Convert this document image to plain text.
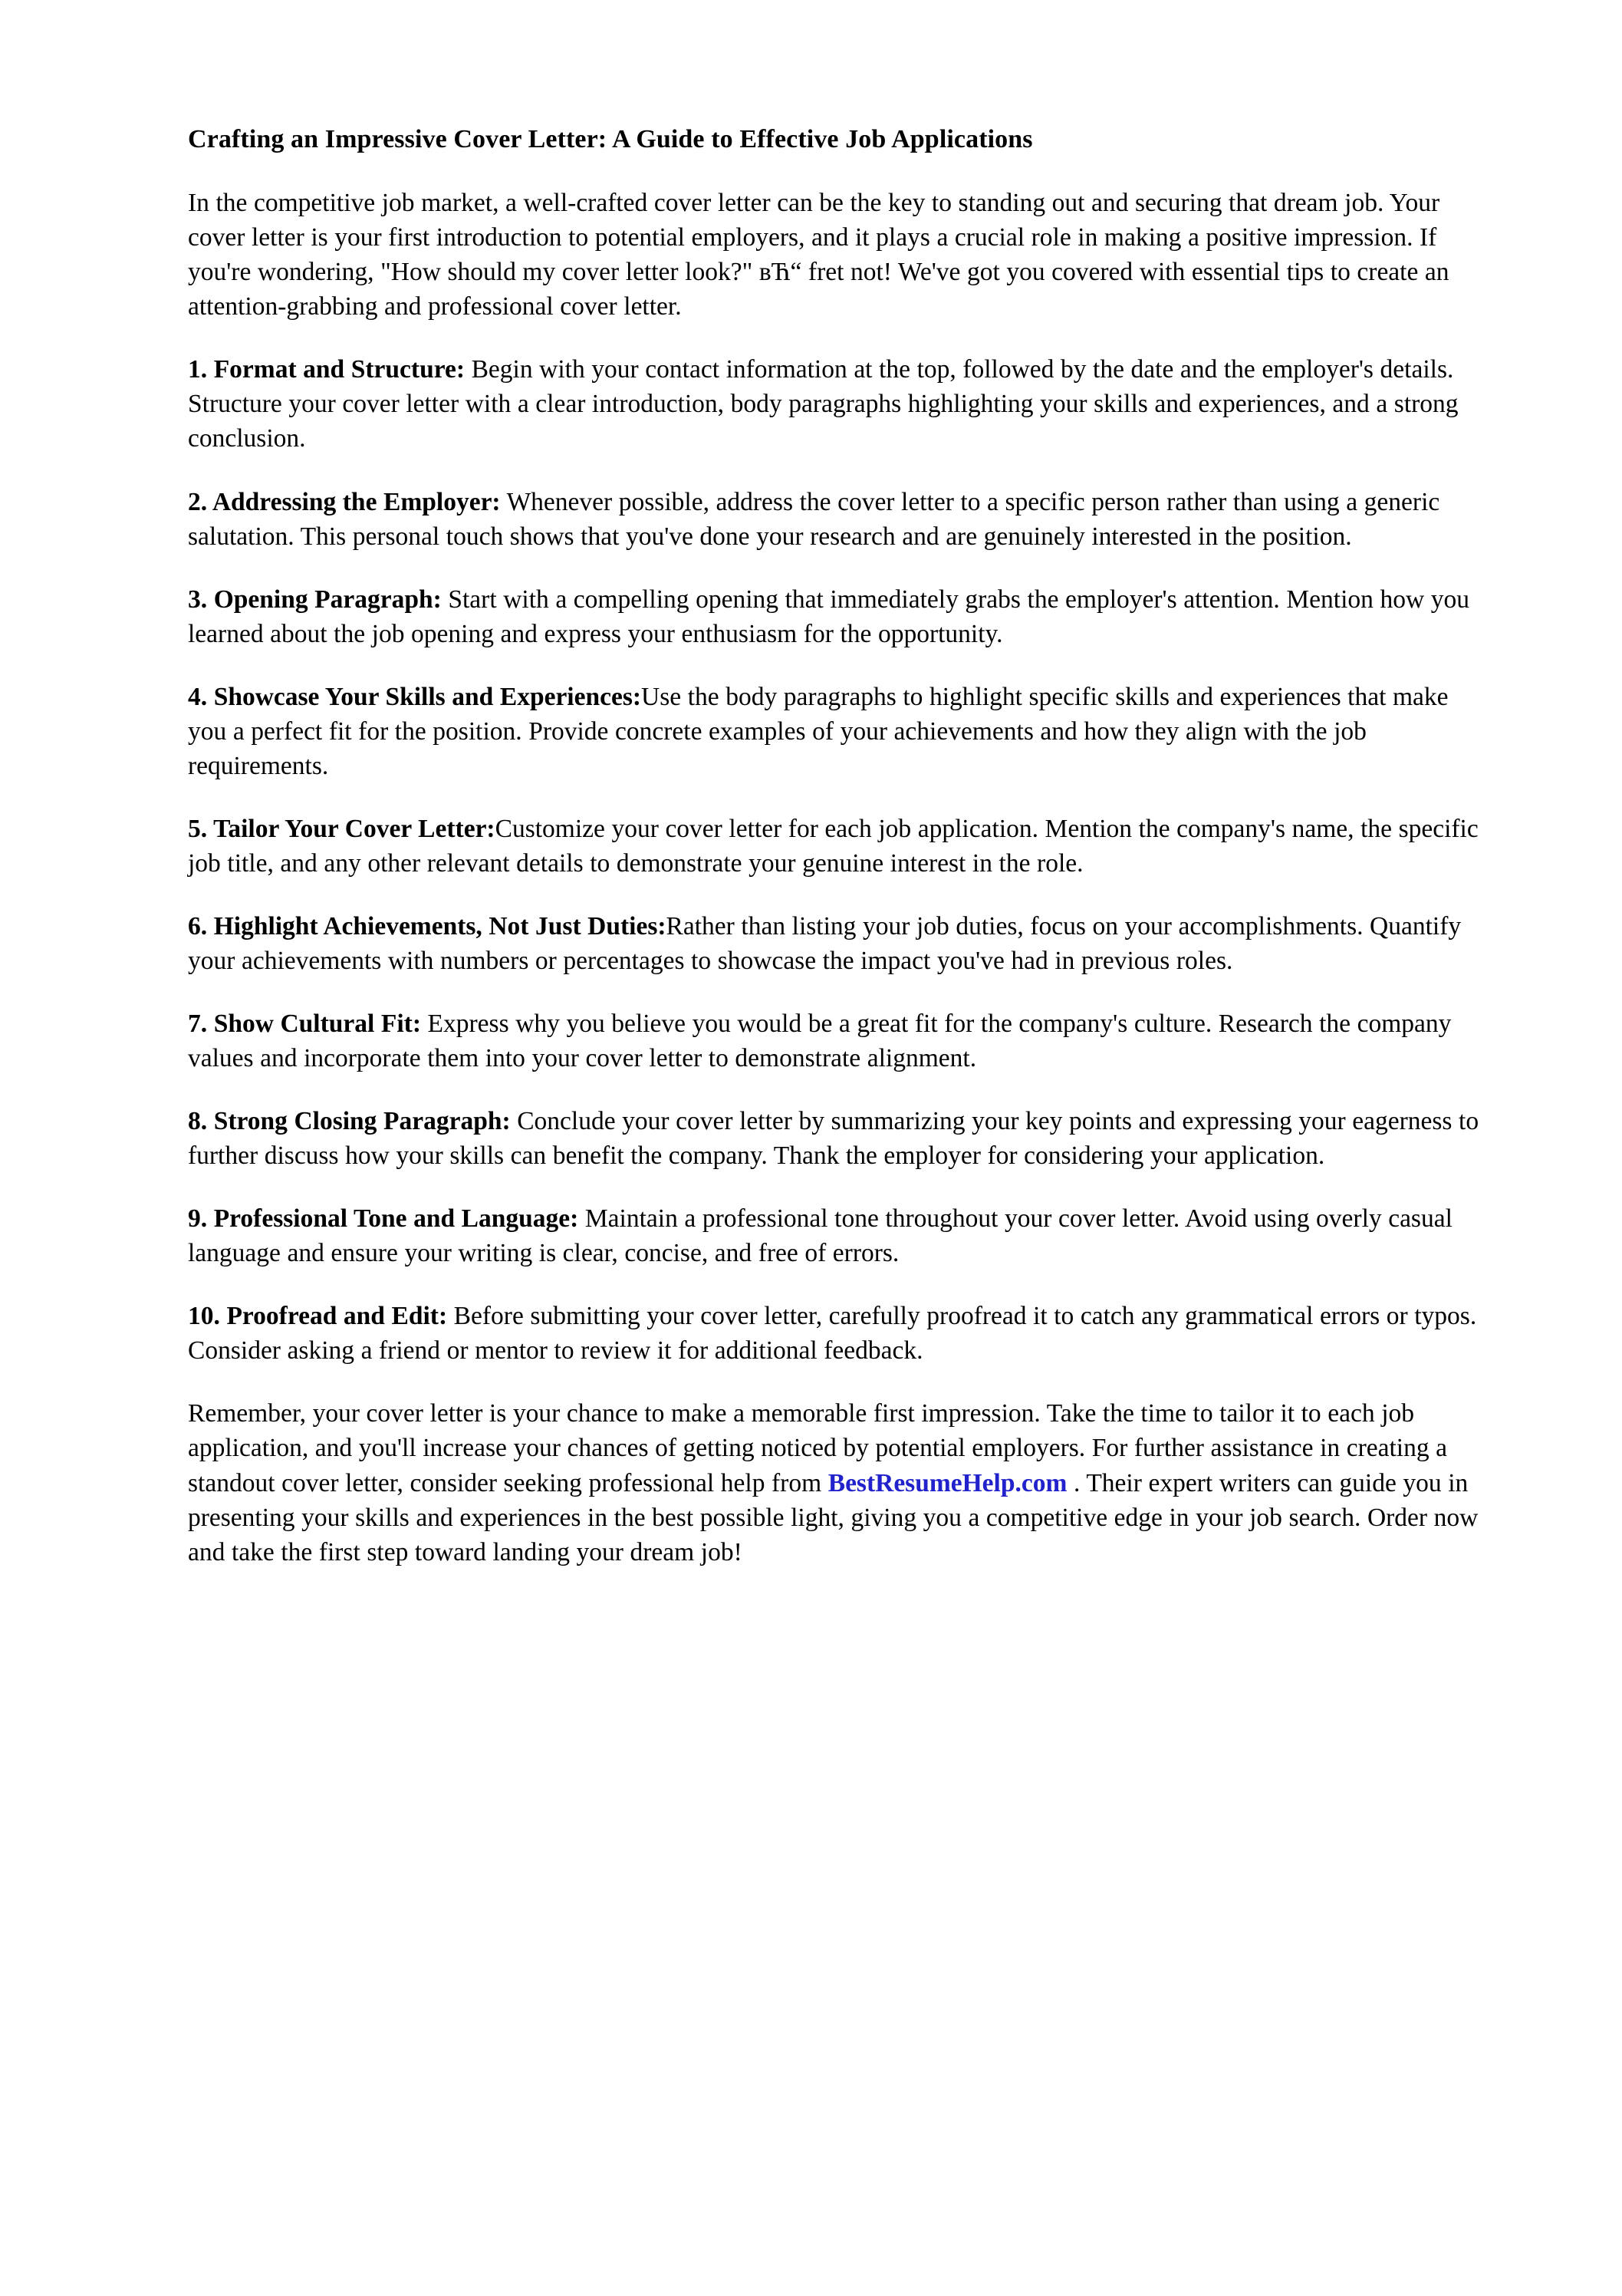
Crafting an Impressive Cover Letter: A Guide to Effective Job Applications

In the competitive job market, a well-crafted cover letter can be the key to standing out and securing that dream job. Your cover letter is your first introduction to potential employers, and it plays a crucial role in making a positive impression. If you're wondering, "How should my cover letter look?" вЋ“ fret not! We've got you covered with essential tips to create an attention-grabbing and professional cover letter.

1. Format and Structure: Begin with your contact information at the top, followed by the date and the employer's details. Structure your cover letter with a clear introduction, body paragraphs highlighting your skills and experiences, and a strong conclusion.

2. Addressing the Employer: Whenever possible, address the cover letter to a specific person rather than using a generic salutation. This personal touch shows that you've done your research and are genuinely interested in the position.

3. Opening Paragraph: Start with a compelling opening that immediately grabs the employer's attention. Mention how you learned about the job opening and express your enthusiasm for the opportunity.

4. Showcase Your Skills and Experiences:Use the body paragraphs to highlight specific skills and experiences that make you a perfect fit for the position. Provide concrete examples of your achievements and how they align with the job requirements.

5. Tailor Your Cover Letter:Customize your cover letter for each job application. Mention the company's name, the specific job title, and any other relevant details to demonstrate your genuine interest in the role.

6. Highlight Achievements, Not Just Duties:Rather than listing your job duties, focus on your accomplishments. Quantify your achievements with numbers or percentages to showcase the impact you've had in previous roles.

7. Show Cultural Fit: Express why you believe you would be a great fit for the company's culture. Research the company values and incorporate them into your cover letter to demonstrate alignment.

8. Strong Closing Paragraph: Conclude your cover letter by summarizing your key points and expressing your eagerness to further discuss how your skills can benefit the company. Thank the employer for considering your application.

9. Professional Tone and Language: Maintain a professional tone throughout your cover letter. Avoid using overly casual language and ensure your writing is clear, concise, and free of errors.

10. Proofread and Edit: Before submitting your cover letter, carefully proofread it to catch any grammatical errors or typos. Consider asking a friend or mentor to review it for additional feedback.

Remember, your cover letter is your chance to make a memorable first impression. Take the time to tailor it to each job application, and you'll increase your chances of getting noticed by potential employers. For further assistance in creating a standout cover letter, consider seeking professional help from BestResumeHelp.com . Their expert writers can guide you in presenting your skills and experiences in the best possible light, giving you a competitive edge in your job search. Order now and take the first step toward landing your dream job!
